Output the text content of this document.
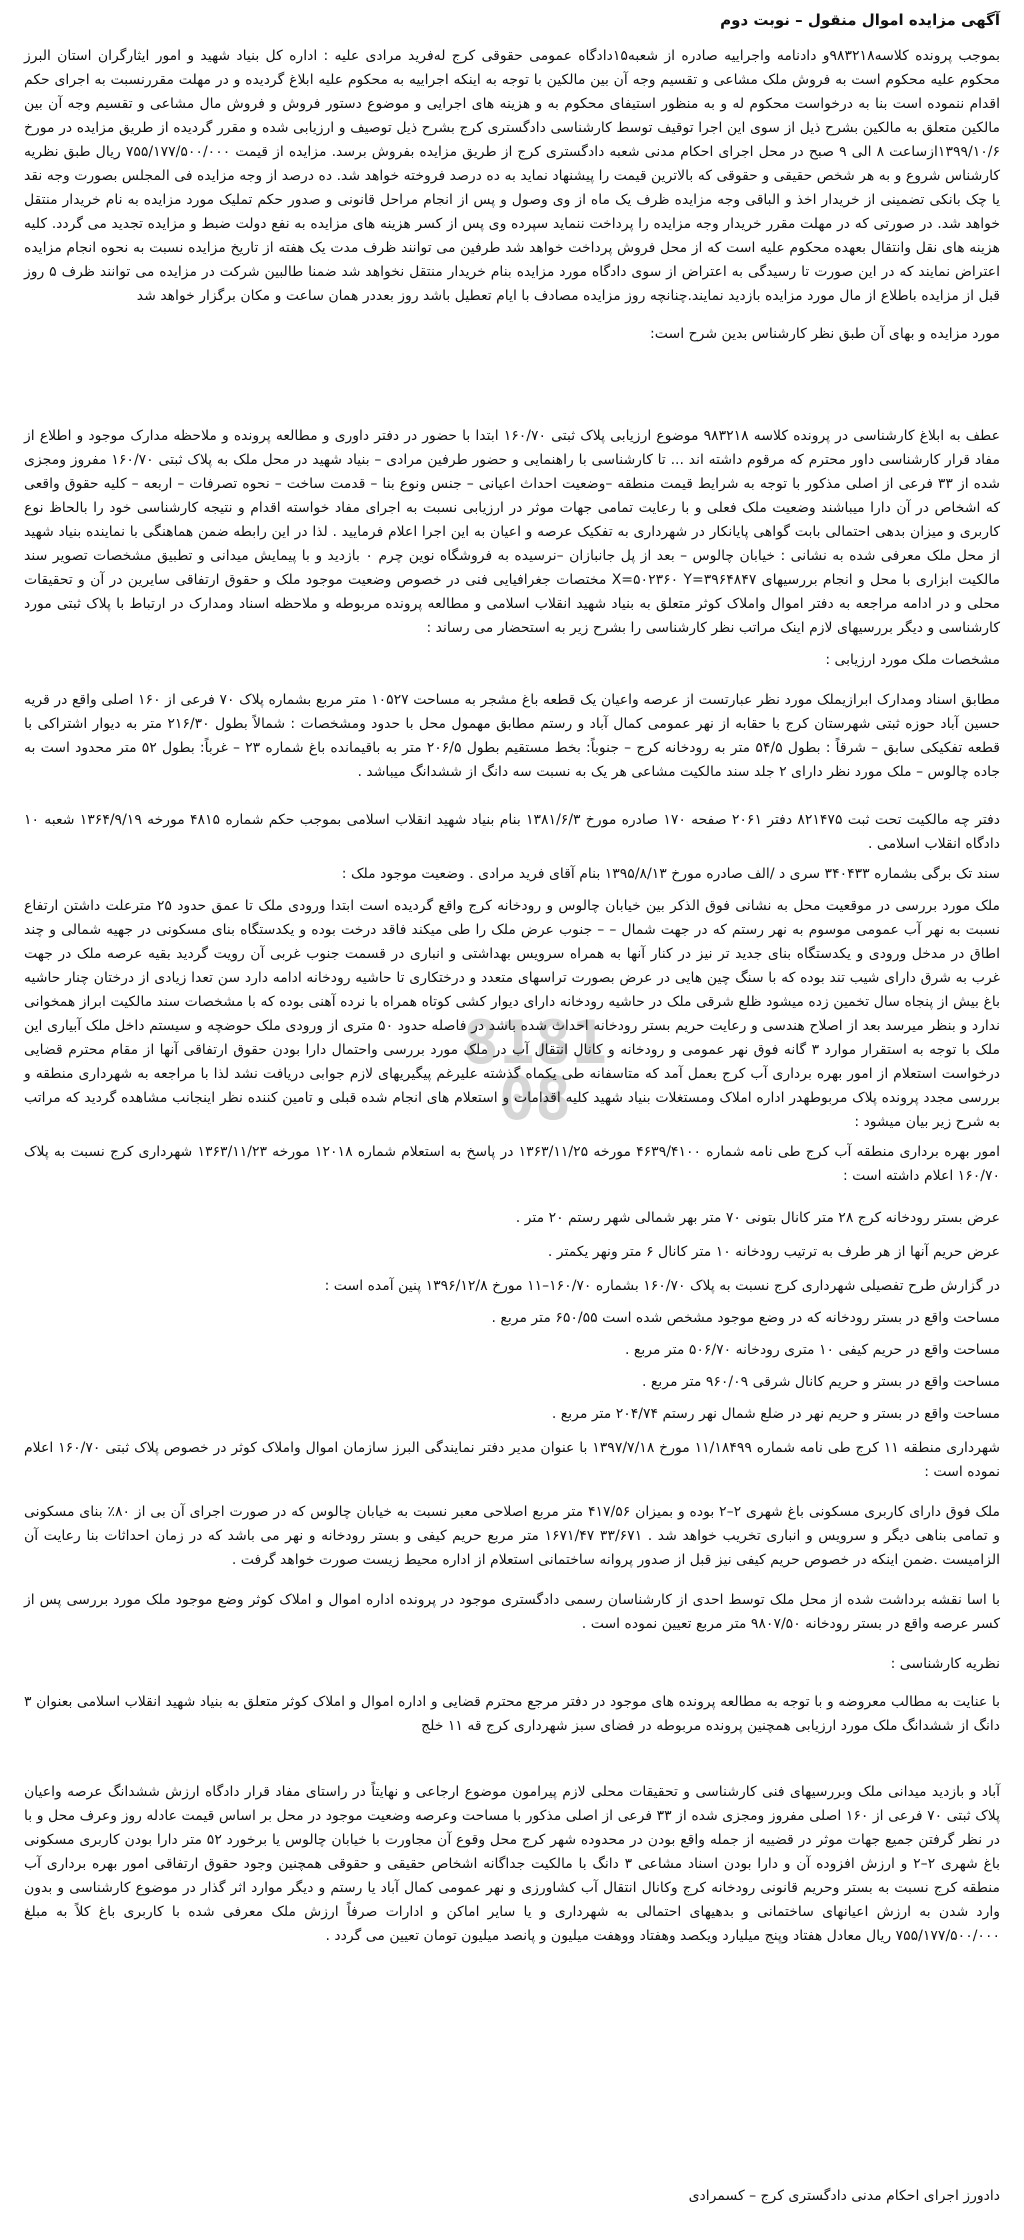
8181
08
آگهی مزایده اموال منقول – نوبت دوم
بموجب پرونده کلاسه۹۸۳۲۱۸و دادنامه واجراییه صادره از شعبه۱۵دادگاه عمومی حقوقی کرج له‌فرید مرادی علیه : اداره کل بنیاد شهید و امور ایثارگران استان البرز محکوم علیه محکوم است به فروش ملک مشاعی و تقسیم وجه آن بین مالکین با توجه به اینکه اجراییه به محکوم علیه ابلاغ گردیده و در مهلت مقررنسبت به اجرای حکم اقدام ننموده است بنا به درخواست محکوم له و به منظور استیفای محکوم به و هزینه های اجرایی و موضوع دستور فروش و فروش مال مشاعی و تقسیم وجه آن بین مالکین متعلق به مالکین بشرح ذیل از سوی این اجرا توقیف توسط کارشناسی دادگستری کرج بشرح ذیل توصیف و ارزیابی شده و مقرر گردیده از طریق مزایده در مورخ ۱۳۹۹/۱۰/۶ازساعت ۸ الی ۹ صبح در محل اجرای احکام مدنی شعبه دادگستری کرج از طریق مزایده بفروش برسد. مزایده از قیمت ۷۵۵/۱۷۷/۵۰۰/۰۰۰ ریال طبق نظریه کارشناس شروع و به هر شخص حقیقی و حقوقی که بالاترین قیمت را پیشنهاد نماید به ده درصد فروخته خواهد شد. ده درصد از وجه مزایده فی المجلس بصورت وجه نقد یا چک بانکی تضمینی از خریدار اخذ و الباقی وجه مزایده ظرف یک ماه از وی وصول و پس از انجام مراحل قانونی و صدور حکم تملیک مورد مزایده به نام خریدار منتقل خواهد شد. در صورتی که در مهلت مقرر خریدار وجه مزایده را پرداخت ننماید سپرده وی پس از کسر هزینه های مزایده به نفع دولت ضبط و مزایده تجدید می گردد. کلیه هزینه های نقل وانتقال بعهده محکوم علیه است که از محل فروش پرداخت خواهد شد طرفین می توانند ظرف مدت یک هفته از تاریخ مزایده نسبت به نحوه انجام مزایده اعتراض نمایند که در این صورت تا رسیدگی به اعتراض از سوی دادگاه مورد مزایده بنام خریدار منتقل نخواهد شد ضمنا طالبین شرکت در مزایده می توانند ظرف ۵ روز قبل از مزایده باطلاع از مال مورد مزایده بازدید نمایند.چنانچه روز مزایده مصادف با ایام تعطیل باشد روز بعددر همان ساعت و مکان برگزار خواهد شد
مورد مزایده و بهای آن طبق نظر کارشناس بدین شرح است:
عطف به ابلاغ کارشناسی در پرونده کلاسه ۹۸۳۲۱۸ موضوع ارزیابی پلاک ثبتی ۱۶۰/۷۰ ابتدا با حضور در دفتر داوری و مطالعه پرونده و ملاحظه مدارک موجود و اطلاع از مفاد قرار کارشناسی داور محترم که مرقوم داشته اند ... تا کارشناسی با راهنمایی و حضور طرفین مرادی – بنیاد شهید در محل ملک به پلاک ثبتی ۱۶۰/۷۰ مفروز ومجزی شده از ۳۳ فرعی از اصلی مذکور با توجه به شرایط قیمت منطقه –وضعیت احداث اعیانی – جنس ونوع بنا – قدمت ساخت – نحوه تصرفات – اربعه – کلیه حقوق واقعی که اشخاص در آن دارا میباشند وضعیت ملک فعلی و با رعایت تمامی جهات موثر در ارزیابی نسبت به اجرای مفاد خواسته اقدام و نتیجه کارشناسی خود را بالحاظ نوع کاربری و میزان بدهی احتمالی بابت گواهی پایانکار در شهرداری به تفکیک عرصه و اعیان به این اجرا اعلام فرمایید . لذا در این رابطه ضمن هماهنگی با نماینده بنیاد شهید از محل ملک معرفی شده به نشانی : خیابان چالوس – بعد از پل جانبازان –نرسیده به فروشگاه نوین چرم ۰ بازدید و با پیمایش میدانی و تطبیق مشخصات تصویر سند مالکیت ابزاری با محل و انجام بررسیهای X=۵۰۲۳۶۰ Y=۳۹۶۴۸۴۷ مختصات جغرافیایی فنی در خصوص وضعیت موجود ملک و حقوق ارتفاقی سایرین در آن و تحقیقات محلی و در ادامه مراجعه به دفتر اموال واملاک کوثر متعلق به بنیاد شهید انقلاب اسلامی و مطالعه پرونده مربوطه و ملاحظه اسناد ومدارک در ارتباط با پلاک ثبتی مورد کارشناسی و دیگر بررسیهای لازم اینک مراتب نظر کارشناسی را بشرح زیر به استحضار می رساند :
مشخصات ملک مورد ارزیابی :
مطابق اسناد ومدارک ابرازیملک مورد نظر عبارتست از عرصه واعیان یک قطعه باغ مشجر به مساحت ۱۰۵۲۷ متر مربع بشماره پلاک ۷۰ فرعی از ۱۶۰ اصلی واقع در قریه حسین آباد حوزه ثبتی شهرستان کرج با حقابه از نهر عمومی کمال آباد و رستم مطابق مهمول محل با حدود ومشخصات : شمالاً بطول ۲۱۶/۳۰ متر به دیوار اشتراکی با قطعه تفکیکی سابق – شرقاً : بطول ۵۴/۵ متر به رودخانه کرج – جنوباً: بخط مستقیم بطول ۲۰۶/۵ متر به باقیمانده باغ شماره ۲۳ – غرباً: بطول ۵۲ متر محدود است به جاده چالوس – ملک مورد نظر دارای ۲ جلد سند مالکیت مشاعی هر یک به نسبت سه دانگ از ششدانگ میباشد .
دفتر چه مالکیت تحت ثبت ۸۲۱۴۷۵ دفتر ۲۰۶۱ صفحه ۱۷۰ صادره مورخ ۱۳۸۱/۶/۳ بنام بنیاد شهید انقلاب اسلامی بموجب حکم شماره ۴۸۱۵ مورخه ۱۳۶۴/۹/۱۹ شعبه ۱۰ دادگاه انقلاب اسلامی .
سند تک برگی بشماره ۳۴۰۴۳۳ سری د /الف صادره مورخ ۱۳۹۵/۸/۱۳ بنام آقای فرید مرادی . وضعیت موجود ملک :
ملک مورد بررسی در موقعیت محل به نشانی فوق الذکر بین خیابان چالوس و رودخانه کرج واقع گردیده است ابتدا ورودی ملک تا عمق حدود ۲۵ مترعلت داشتن ارتفاع نسبت به نهر آب عمومی موسوم به نهر رستم که در جهت شمال – – جنوب عرض ملک را طی میکند فاقد درخت بوده و یکدستگاه بنای مسکونی در جهیه شمالی و چند اطاق در مدخل ورودی و یکدستگاه بنای جدید تر نیز در کنار آنها به همراه سرویس بهداشتی و انباری در قسمت جنوب غربی آن رویت گردید بقیه عرصه ملک در جهت غرب به شرق دارای شیب تند بوده که با سنگ چین هایی در عرض بصورت تراسهای متعدد و درختکاری تا حاشیه رودخانه ادامه دارد سن تعدا زیادی از درختان چنار حاشیه باغ بیش از پنجاه سال تخمین زده میشود ظلع شرقی ملک در حاشیه رودخانه دارای دیوار کشی کوتاه همراه با نرده آهنی بوده که با مشخصات سند مالکیت ابراز همخوانی ندارد و بنظر میرسد بعد از اصلاح هندسی و رعایت حریم بستر رودخانه احداث شده باشد در فاصله حدود ۵۰ متری از ورودی ملک حوضچه و سیستم داخل ملک آبیاری این ملک با توجه به استقرار موارد ۳ گانه فوق نهر عمومی و رودخانه و کانال انتقال آب در ملک مورد بررسی واحتمال دارا بودن حقوق ارتفاقی آنها از مقام محترم قضایی درخواست استعلام از امور بهره برداری آب کرج بعمل آمد که متاسفانه طی یکماه گذشته علیرغم پیگیریهای لازم جوابی دریافت نشد لذا با مراجعه به شهرداری منطقه و بررسی مجدد پرونده پلاک مربوطهدر اداره املاک ومستغلات بنیاد شهید کلیه اقدامات و استعلام های انجام شده قبلی و تامین کننده نظر اینجانب مشاهده گردید که مراتب به شرح زیر بیان میشود :
امور بهره برداری منطقه آب کرج طی نامه شماره ۴۶۳۹/۴۱۰۰ مورخه ۱۳۶۳/۱۱/۲۵ در پاسخ به استعلام شماره ۱۲۰۱۸ مورخه ۱۳۶۳/۱۱/۲۳ شهرداری کرج نسبت به پلاک ۱۶۰/۷۰ اعلام داشته است :
عرض بستر رودخانه کرج ۲۸ متر کانال بتونی ۷۰ متر بهر شمالی شهر رستم ۲۰ متر .
عرض حریم آنها از هر طرف به ترتیب رودخانه ۱۰ متر کانال ۶ متر ونهر یکمتر .
در گزارش طرح تفصیلی شهرداری کرج نسبت به پلاک ۱۶۰/۷۰ بشماره ۱۶۰/۷۰–۱۱ مورخ ۱۳۹۶/۱۲/۸ پنین آمده است :
مساحت واقع در بستر رودخانه که در وضع موجود مشخص شده است ۶۵۰/۵۵ متر مربع .
مساحت واقع در حریم کیفی ۱۰ متری رودخانه ۵۰۶/۷۰ متر مربع .
مساحت واقع در بستر و حریم کانال شرقی ۹۶۰/۰۹ متر مربع .
مساحت واقع در بستر و حریم نهر در ضلع شمال نهر رستم ۲۰۴/۷۴ متر مربع .
شهرداری منطقه ۱۱ کرج طی نامه شماره ۱۱/۱۸۴۹۹ مورخ ۱۳۹۷/۷/۱۸ با عنوان مدیر دفتر نمایندگی البرز سازمان اموال واملاک کوثر در خصوص پلاک ثبتی ۱۶۰/۷۰ اعلام نموده است :
ملک فوق دارای کاربری مسکونی باغ شهری ۲–۲ بوده و بمیزان ۴۱۷/۵۶ متر مربع اصلاحی معبر نسبت به خیابان چالوس که در صورت اجرای آن بی از ۸۰٪ بنای مسکونی و تمامی بناهی دیگر و سرویس و انباری تخریب خواهد شد . ۳۳/۶۷۱ ۱۶۷۱/۴۷ متر مربع حریم کیفی و بستر رودخانه و نهر می باشد که در زمان احداثات بنا رعایت آن الزامیست .ضمن اینکه در خصوص حریم کیفی نیز قبل از صدور پروانه ساختمانی استعلام از اداره محیط زیست صورت خواهد گرفت .
با اسا نقشه برداشت شده از محل ملک توسط احدی از کارشناسان رسمی دادگستری موجود در پرونده اداره اموال و املاک کوثر وضع موجود ملک مورد بررسی پس از کسر عرصه واقع در بستر رودخانه ۹۸۰۷/۵۰ متر مربع تعیین نموده است .
نظریه کارشناسی :
با عنایت به مطالب معروضه و با توجه به مطالعه پرونده های موجود در دفتر مرجع محترم قضایی و اداره اموال و املاک کوثر متعلق به بنیاد شهید انقلاب اسلامی بعنوان ۳ دانگ از ششدانگ ملک مورد ارزیابی همچنین پرونده مربوطه در فضای سبز شهرداری کرج قه ۱۱ خلج
آباد و بازدید میدانی ملک وبررسیهای فنی کارشناسی و تحقیقات محلی لازم پیرامون موضوع ارجاعی و نهایتاً در راستای مفاد قرار دادگاه ارزش ششدانگ عرصه واعیان پلاک ثبتی ۷۰ فرعی از ۱۶۰ اصلی مفروز ومجزی شده از ۳۳ فرعی از اصلی مذکور با مساحت وعرصه وضعیت موجود در محل بر اساس قیمت عادله روز وعرف محل و با در نظر گرفتن جمیع جهات موثر در قضییه از جمله واقع بودن در محدوده شهر کرج محل وقوع آن مجاورت با خیابان چالوس یا برخورد ۵۲ متر دارا بودن کاربری مسکونی باغ شهری ۲–۲ و ارزش افزوده آن و دارا بودن اسناد مشاعی ۳ دانگ با مالکیت جداگانه اشخاص حقیقی و حقوقی همچنین وجود حقوق ارتفاقی امور بهره برداری آب منطقه کرج نسبت به بستر وحریم قانونی رودخانه کرج وکانال انتقال آب کشاورزی و نهر عمومی کمال آباد یا رستم و دیگر موارد اثر گذار در موضوع کارشناسی و بدون وارد شدن به ارزش اعیانهای ساختمانی و بدهیهای احتمالی به شهرداری و یا سایر اماکن و ادارات صرفاً ارزش ملک معرفی شده با کاربری باغ کلاً به مبلغ ۷۵۵/۱۷۷/۵۰۰/۰۰۰ ریال معادل هفتاد وپنج میلیارد ویکصد وهفتاد ووهفت میلیون و پانصد میلیون تومان تعیین می گردد .
دادورز اجرای احکام مدنی دادگستری کرج – کسمرادی
